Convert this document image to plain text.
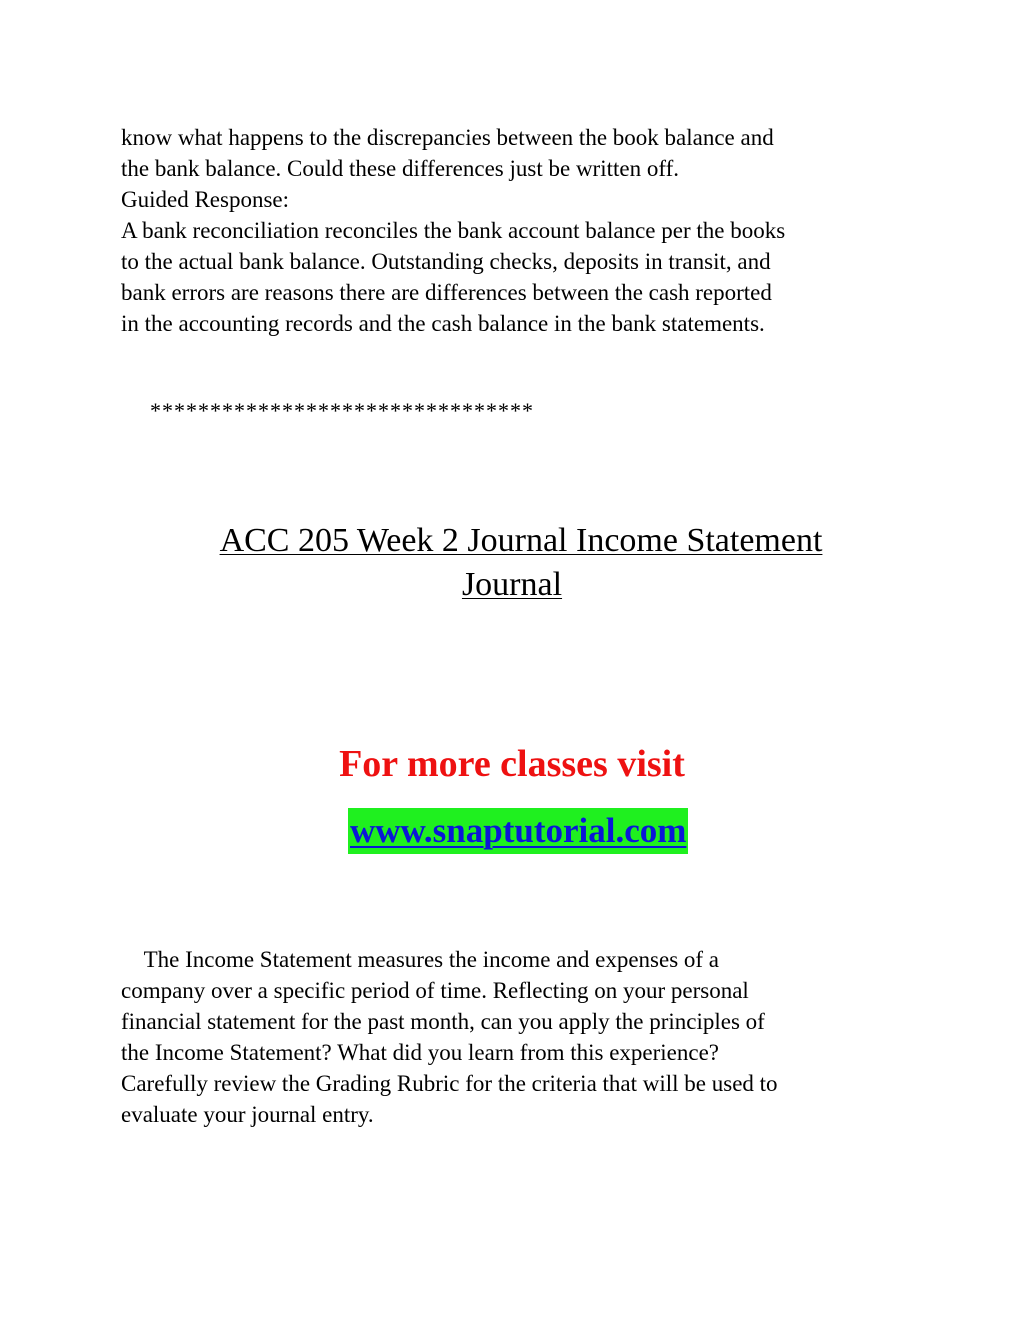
know what happens to the discrepancies between the book balance and
the bank balance. Could these differences just be written off.
Guided Response:
A bank reconciliation reconciles the bank account balance per the books
to the actual bank balance. Outstanding checks, deposits in transit, and
bank errors are reasons there are differences between the cash reported
in the accounting records and the cash balance in the bank statements.
********************************
ACC 205 Week 2 Journal Income Statement
Journal
For more classes visit
www.snaptutorial.com
The Income Statement measures the income and expenses of a
company over a specific period of time. Reflecting on your personal
financial statement for the past month, can you apply the principles of
the Income Statement? What did you learn from this experience?
Carefully review the Grading Rubric for the criteria that will be used to
evaluate your journal entry.
